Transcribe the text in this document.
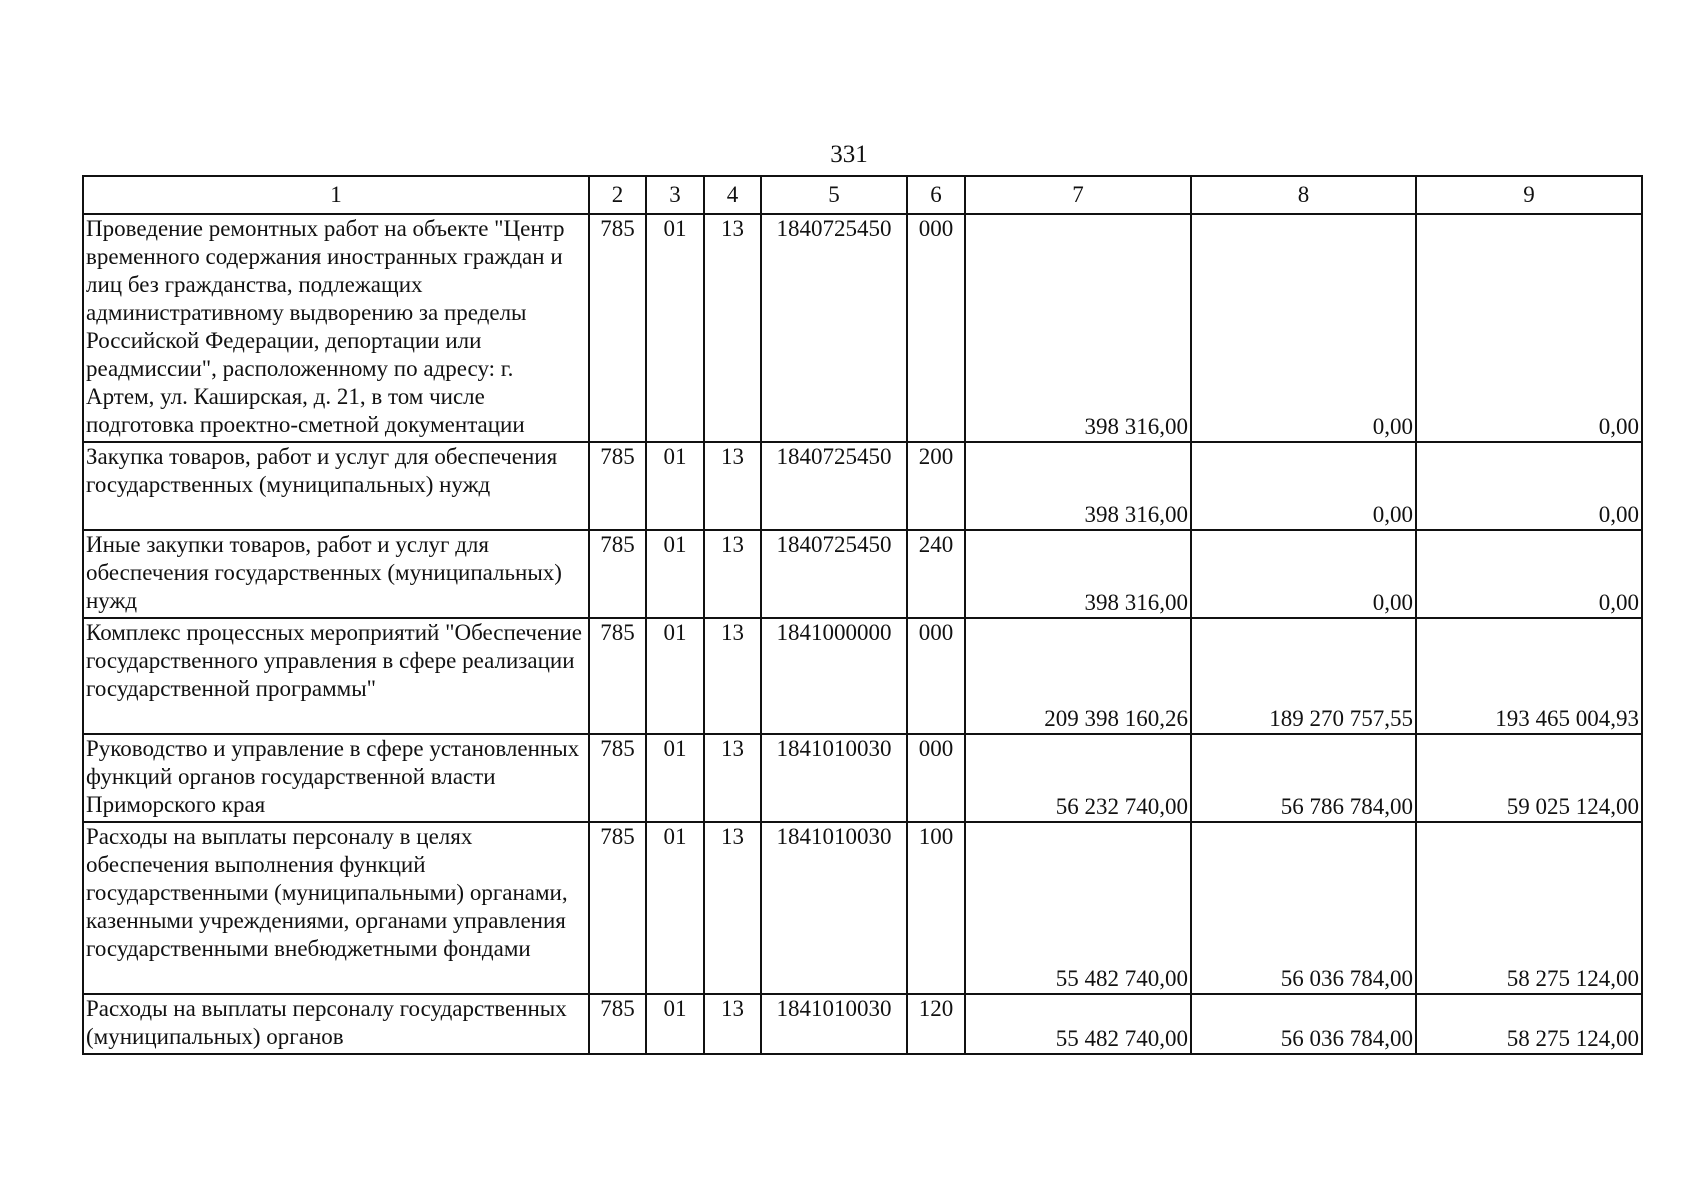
331
1	2	3	4	5	6	7	8	9
Проведение ремонтных работ на объекте "Центр временного содержания иностранных граждан и лиц без гражданства, подлежащих административному выдворению за пределы Российской Федерации, депортации или реадмиссии", расположенному по адресу: г. Артем, ул. Каширская, д. 21, в том числе подготовка проектно-сметной документации	785	01	13	1840725450	000	398 316,00	0,00	0,00
Закупка товаров, работ и услуг для обеспечения государственных (муниципальных) нужд	785	01	13	1840725450	200	398 316,00	0,00	0,00
Иные закупки товаров, работ и услуг для обеспечения государственных (муниципальных) нужд	785	01	13	1840725450	240	398 316,00	0,00	0,00
Комплекс процессных мероприятий "Обеспечение государственного управления в сфере реализации государственной программы"	785	01	13	1841000000	000	209 398 160,26	189 270 757,55	193 465 004,93
Руководство и управление в сфере установленных функций органов государственной власти Приморского края	785	01	13	1841010030	000	56 232 740,00	56 786 784,00	59 025 124,00
Расходы на выплаты персоналу в целях обеспечения выполнения функций государственными (муниципальными) органами, казенными учреждениями, органами управления государственными внебюджетными фондами	785	01	13	1841010030	100	55 482 740,00	56 036 784,00	58 275 124,00
Расходы на выплаты персоналу государственных (муниципальных) органов	785	01	13	1841010030	120	55 482 740,00	56 036 784,00	58 275 124,00
